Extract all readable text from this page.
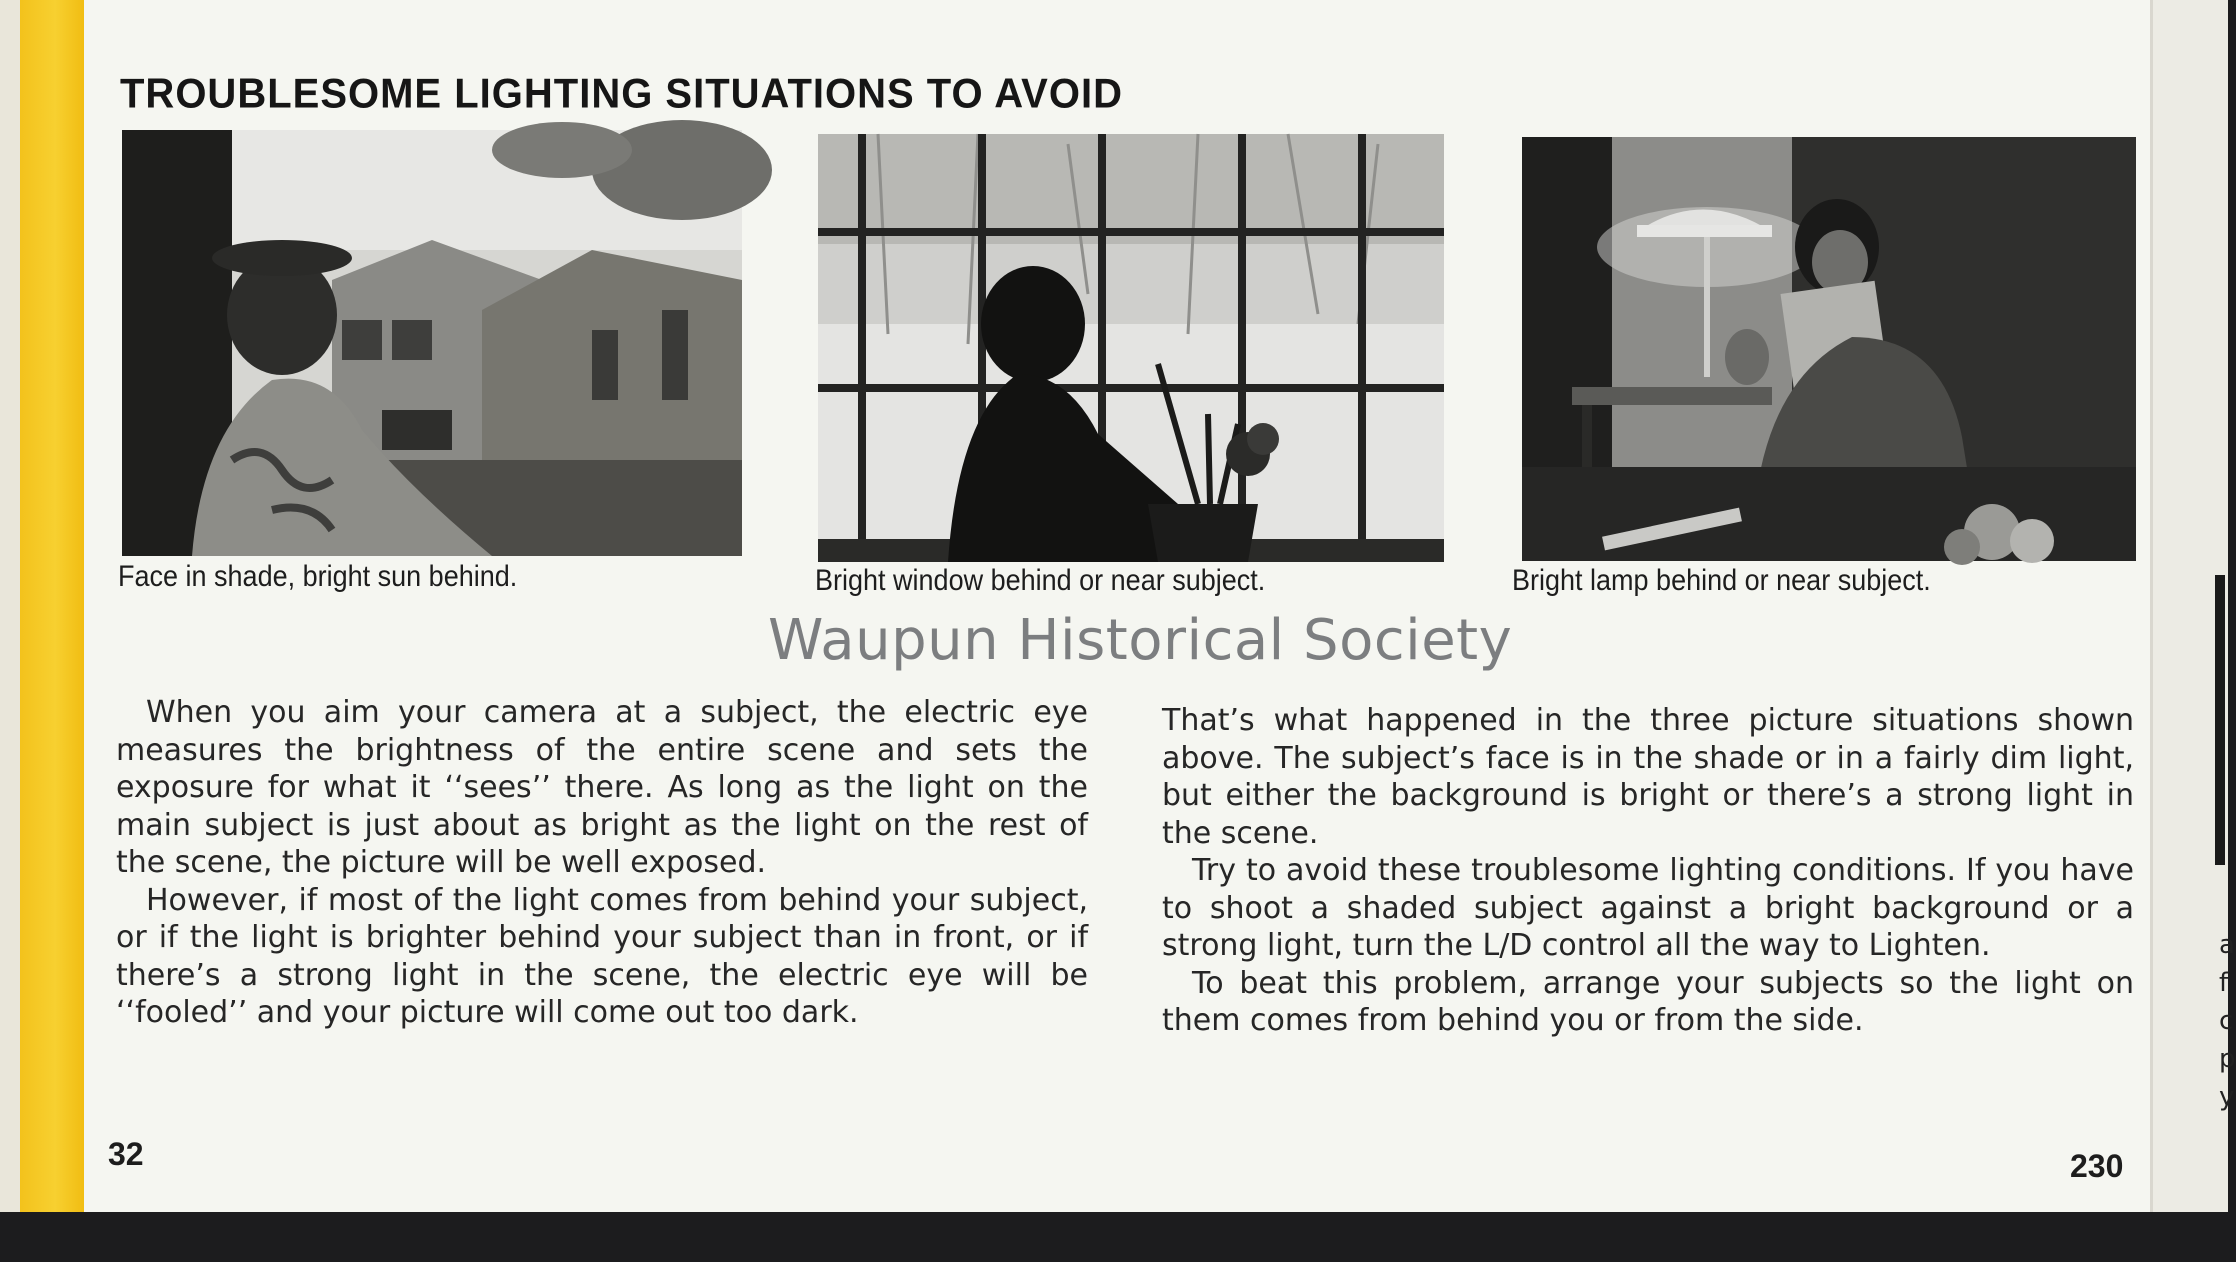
TROUBLESOME LIGHTING SITUATIONS TO AVOID
Face in shade, bright sun behind.	Bright window behind or near subject.	Bright lamp behind or near subject.
Waupun Historical Society

When you aim your camera at a subject, the electric eye measures the brightness of the entire scene and sets the exposure for what it ‘‘sees’’ there. As long as the light on the main subject is just about as bright as the light on the rest of the scene, the picture will be well exposed.

However, if most of the light comes from behind your subject, or if the light is brighter behind your subject than in front, or if there’s a strong light in the scene, the electric eye will be ‘‘fooled’’ and your picture will come out too dark.

That’s what happened in the three picture situations shown above. The subject’s face is in the shade or in a fairly dim light, but either the background is bright or there’s a strong light in the scene.

Try to avoid these troublesome lighting conditions. If you have to shoot a shaded subject against a bright background or a strong light, turn the L/D control all the way to Lighten.

To beat this problem, arrange your subjects so the light on them comes from behind you or from the side.

32	230
a
f
c
p
y
